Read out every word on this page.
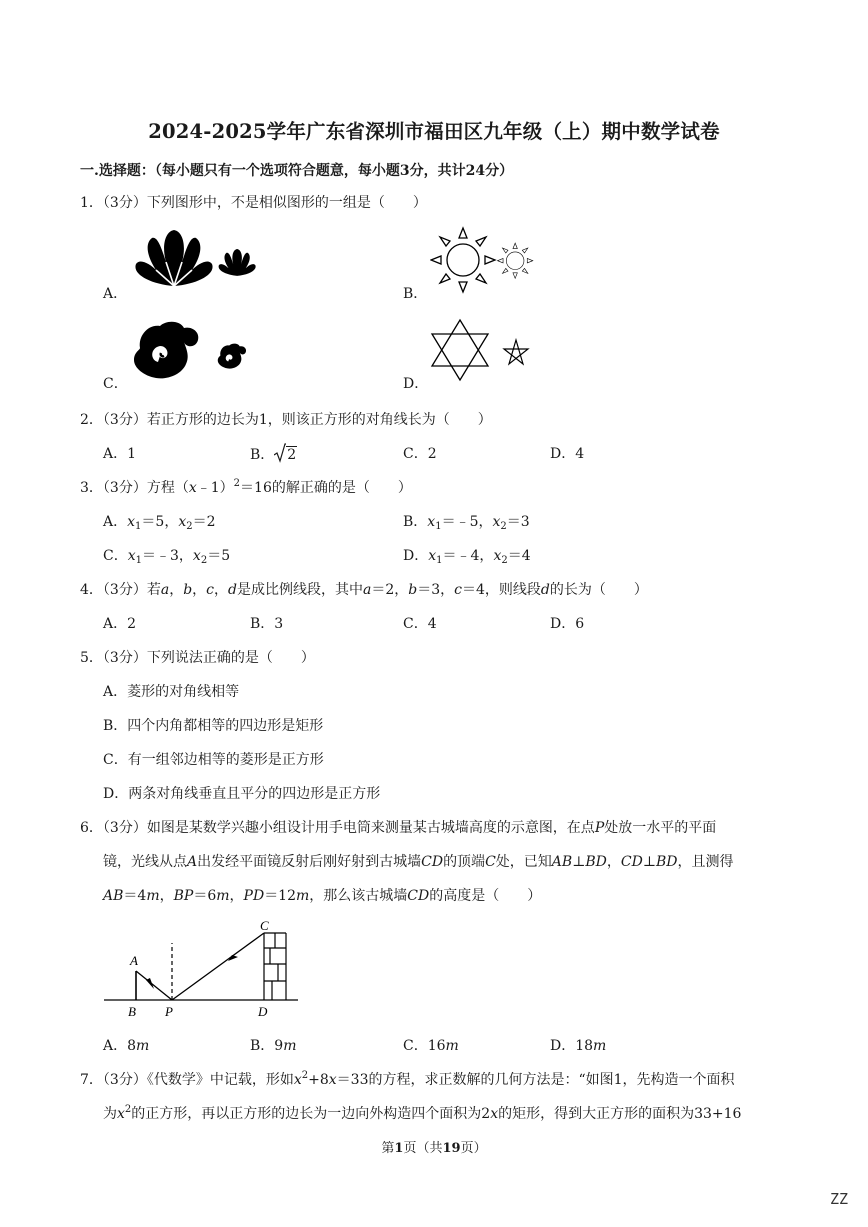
2024-2025学年广东省深圳市福田区九年级（上）期中数学试卷
一.选择题：（每小题只有一个选项符合题意，每小题3分，共计24分）
1．（3分）下列图形中，不是相似图形的一组是（　　）
A．	B．
C．	D．
2．（3分）若正方形的边长为1，则该正方形的对角线长为（　　）
A．1	B． 2	C．2	D．4
3．（3分）方程（x﹣1）$^2$＝16的解正确的是（　　）
A．$x_1=5$，$x_2=2$	B．$x_1=﹣5$，$x_2=3$
C．$x_1=﹣3$，$x_2=5$	D．$x_1=﹣4$，$x_2=4$
4．（3分）若a，b，c，d是成比例线段，其中a＝2，b＝3，c＝4，则线段d的长为（　　）
A．2	B．3	C．4	D．6
5．（3分）下列说法正确的是（　　）
A．菱形的对角线相等
B．四个内角都相等的四边形是矩形
C．有一组邻边相等的菱形是正方形
D．两条对角线垂直且平分的四边形是正方形
6．（3分）如图是某数学兴趣小组设计用手电筒来测量某古城墙高度的示意图，在点P处放一水平的平面
镜，光线从点A出发经平面镜反射后刚好射到古城墙CD的顶端C处，已知AB⊥BD，CD⊥BD，且测得
AB＝4m，BP＝6m，PD＝12m，那么该古城墙CD的高度是（　　）
A
B P
C
D
A．8m	B．9m	C．16m	D．18m
7．（3分）《代数学》中记载，形如$x^2+8x=33$的方程，求正数解的几何方法是：“如图1，先构造一个面积
为$x^2$的正方形，再以正方形的边长为一边向外构造四个面积为2x的矩形，得到大正方形的面积为33+16
第1页（共19页）
ZZ
